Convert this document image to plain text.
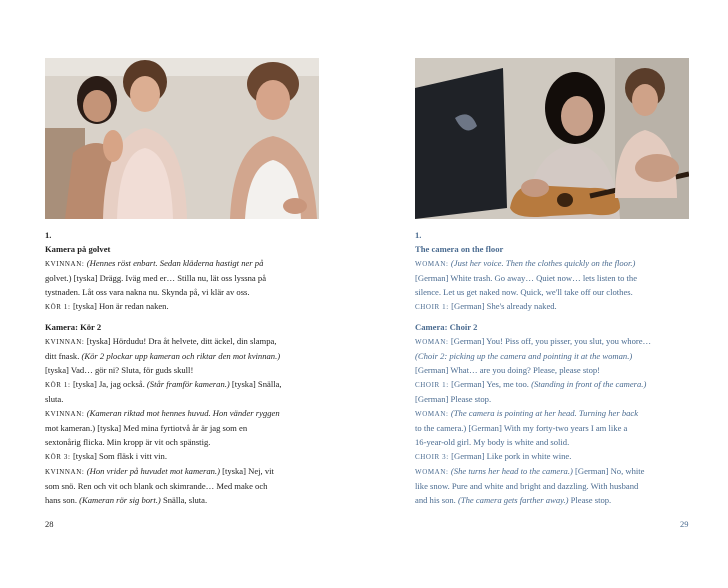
1.
Kamera på golvet
KVINNAN: (Hennes röst enbart. Sedan kläderna hastigt ner på
golvet.) [tyska] Drägg. Iväg med er… Stilla nu, lät oss lyssna på
tystnaden. Låt oss vara nakna nu. Skynda på, vi klär av oss.
KÖR 1: [tyska] Hon är redan naken.
Kamera: Kör 2
KVINNAN: [tyska] Hördudu! Dra åt helvete, ditt äckel, din slampa,
ditt fnask. (Kör 2 plockar upp kameran och riktar den mot kvinnan.)
[tyska] Vad… gör ni? Sluta, för guds skull!
KÖR 1: [tyska] Ja, jag också. (Står framför kameran.) [tyska] Snälla,
sluta.
KVINNAN: (Kameran riktad mot hennes huvud. Hon vänder ryggen
mot kameran.) [tyska] Med mina fyrtiotvå år är jag som en
sextonårig flicka. Min kropp är vit och spänstig.
KÖR 3: [tyska] Som fläsk i vitt vin.
KVINNAN: (Hon vrider på huvudet mot kameran.) [tyska] Nej, vit
som snö. Ren och vit och blank och skimrande… Med make och
hans son. (Kameran rör sig bort.) Snälla, sluta.
28
1.
The camera on the floor
WOMAN: (Just her voice. Then the clothes quickly on the floor.)
[German] White trash. Go away… Quiet now… lets listen to the
silence. Let us get naked now. Quick, we'll take off our clothes.
CHOIR 1: [German] She's already naked.
Camera: Choir 2
WOMAN: [German] You! Piss off, you pisser, you slut, you whore…
(Choir 2: picking up the camera and pointing it at the woman.)
[German] What… are you doing? Please, please stop!
CHOIR 1: [German] Yes, me too. (Standing in front of the camera.)
[German] Please stop.
WOMAN: (The camera is pointing at her head. Turning her back
to the camera.) [German] With my forty-two years I am like a
16-year-old girl. My body is white and solid.
CHOIR 3: [German] Like pork in white wine.
WOMAN: (She turns her head to the camera.) [German] No, white
like snow. Pure and white and bright and dazzling. With husband
and his son. (The camera gets farther away.) Please stop.
29
